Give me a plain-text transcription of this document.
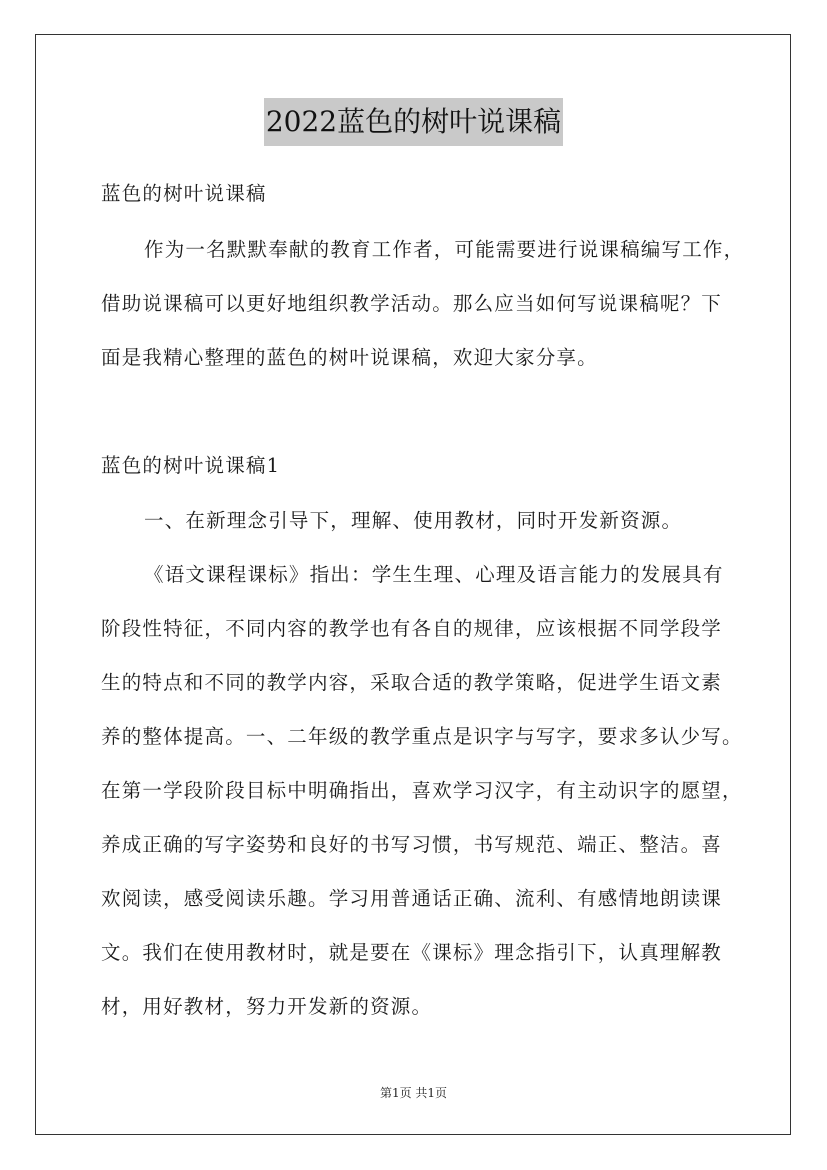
2022蓝色的树叶说课稿
蓝色的树叶说课稿
作为一名默默奉献的教育工作者，可能需要进行说课稿编写工作，
借助说课稿可以更好地组织教学活动。那么应当如何写说课稿呢？下
面是我精心整理的蓝色的树叶说课稿，欢迎大家分享。
蓝色的树叶说课稿1
一、在新理念引导下，理解、使用教材，同时开发新资源。
《语文课程课标》指出：学生生理、心理及语言能力的发展具有
阶段性特征，不同内容的教学也有各自的规律，应该根据不同学段学
生的特点和不同的教学内容，采取合适的教学策略，促进学生语文素
养的整体提高。一、二年级的教学重点是识字与写字，要求多认少写。
在第一学段阶段目标中明确指出，喜欢学习汉字，有主动识字的愿望，
养成正确的写字姿势和良好的书写习惯，书写规范、端正、整洁。喜
欢阅读，感受阅读乐趣。学习用普通话正确、流利、有感情地朗读课
文。我们在使用教材时，就是要在《课标》理念指引下，认真理解教
材，用好教材，努力开发新的资源。
第1页 共1页
